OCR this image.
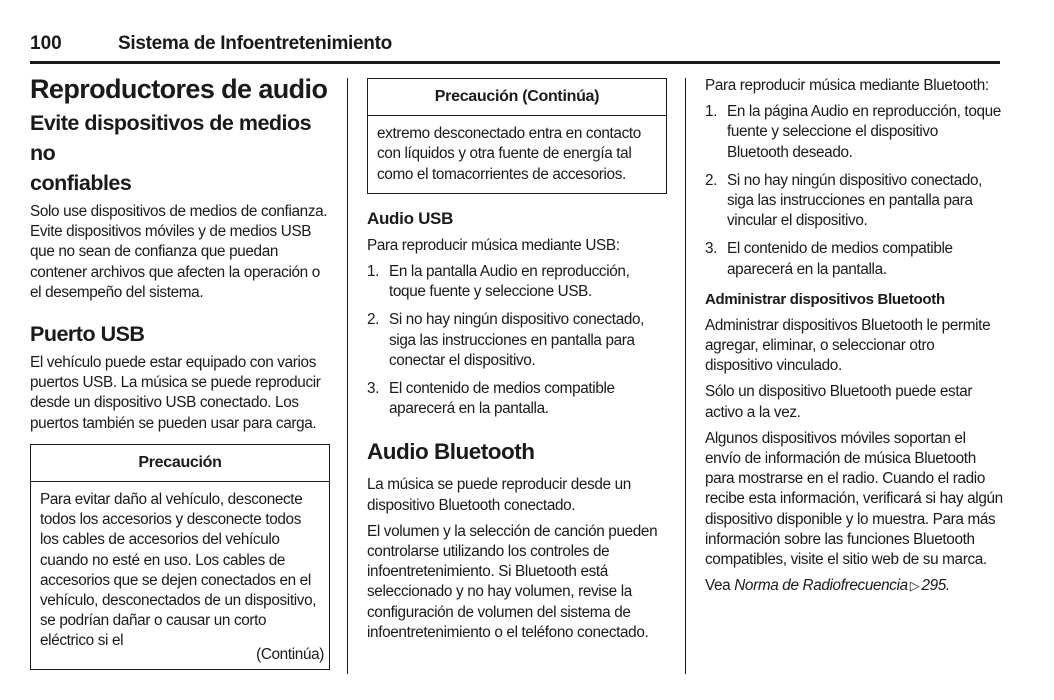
100	Sistema de Infoentretenimiento
Reproductores de audio
Evite dispositivos de medios no
confiables

Solo use dispositivos de medios de confianza. Evite dispositivos móviles y de medios USB que no sean de confianza que puedan contener archivos que afecten la operación o el desempeño del sistema.

Puerto USB

El vehículo puede estar equipado con varios puertos USB. La música se puede reproducir desde un dispositivo USB conectado. Los puertos también se pueden usar para carga.

Precaución
Para evitar daño al vehículo, desconecte todos los accesorios y desconecte todos los cables de accesorios del vehículo cuando no esté en uso. Los cables de accesorios que se dejen conectados en el vehículo, desconectados de un dispositivo, se podrían dañar o causar un corto eléctrico si el
(Continúa)
Precaución (Continúa)
extremo desconectado entra en contacto con líquidos y otra fuente de energía tal como el tomacorrientes de accesorios.
Audio USB

Para reproducir música mediante USB:

1. En la pantalla Audio en reproducción, toque fuente y seleccione USB.
2. Si no hay ningún dispositivo conectado, siga las instrucciones en pantalla para conectar el dispositivo.
3. El contenido de medios compatible aparecerá en la pantalla.
Audio Bluetooth

La música se puede reproducir desde un dispositivo Bluetooth conectado.

El volumen y la selección de canción pueden controlarse utilizando los controles de infoentretenimiento. Si Bluetooth está seleccionado y no hay volumen, revise la configuración de volumen del sistema de infoentretenimiento o el teléfono conectado.

Para reproducir música mediante Bluetooth:

1. En la página Audio en reproducción, toque fuente y seleccione el dispositivo Bluetooth deseado.
2. Si no hay ningún dispositivo conectado, siga las instrucciones en pantalla para vincular el dispositivo.
3. El contenido de medios compatible aparecerá en la pantalla.
Administrar dispositivos Bluetooth

Administrar dispositivos Bluetooth le permite agregar, eliminar, o seleccionar otro dispositivo vinculado.

Sólo un dispositivo Bluetooth puede estar activo a la vez.

Algunos dispositivos móviles soportan el envío de información de música Bluetooth para mostrarse en el radio. Cuando el radio recibe esta información, verificará si hay algún dispositivo disponible y lo muestra. Para más información sobre las funciones Bluetooth compatibles, visite el sitio web de su marca.

Vea Norma de Radiofrecuencia ▷ 295.
